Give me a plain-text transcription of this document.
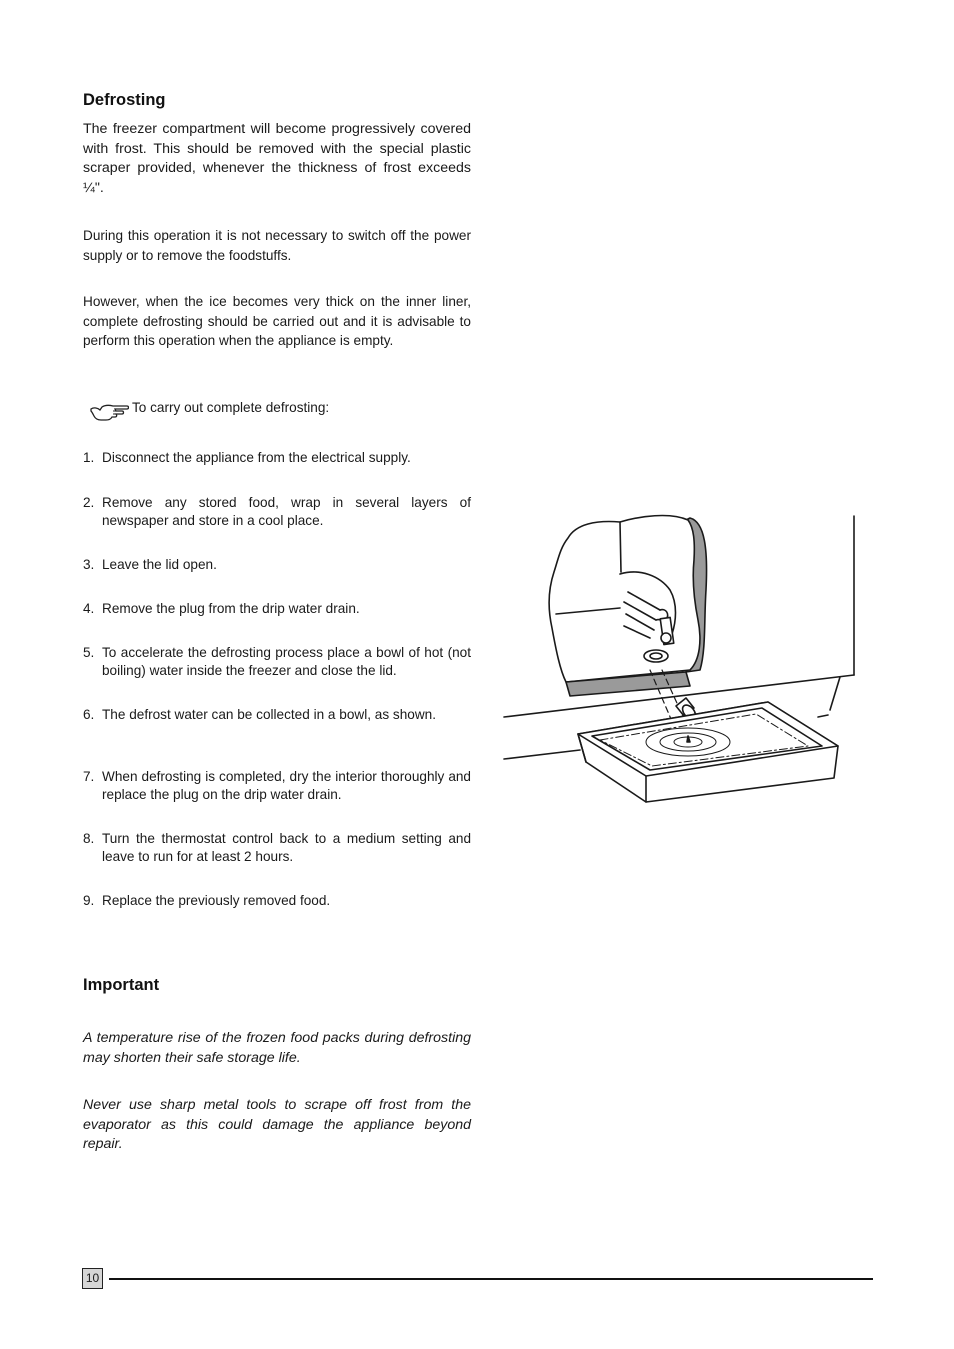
Defrosting

The freezer compartment will become progressively covered with frost. This should be removed with the special plastic scraper provided, whenever the thickness of frost exceeds ¼".

During this operation it is not necessary to switch off the power supply or to remove the foodstuffs.

However, when the ice becomes very thick on the inner liner, complete defrosting should be carried out and it is advisable to perform this operation when the appliance is empty.

To carry out complete defrosting:
1. Disconnect the appliance from the electrical supply.
2. Remove any stored food, wrap in several layers of newspaper and store in a cool place.
3. Leave the lid open.
4. Remove the plug from the drip water drain.
5. To accelerate the defrosting process place a bowl of hot (not boiling) water inside the freezer and close the lid.
6. The defrost water can be collected in a bowl, as shown.
7. When defrosting is completed, dry the interior thoroughly and replace the plug on the drip water drain.
8. Turn the thermostat control back to a medium setting and leave to run for at least 2 hours.
9. Replace the previously removed food.
Important

A temperature rise of the frozen food packs during defrosting may shorten their safe storage life.

Never use sharp metal tools to scrape off frost from the evaporator as this could damage the appliance beyond repair.

10
